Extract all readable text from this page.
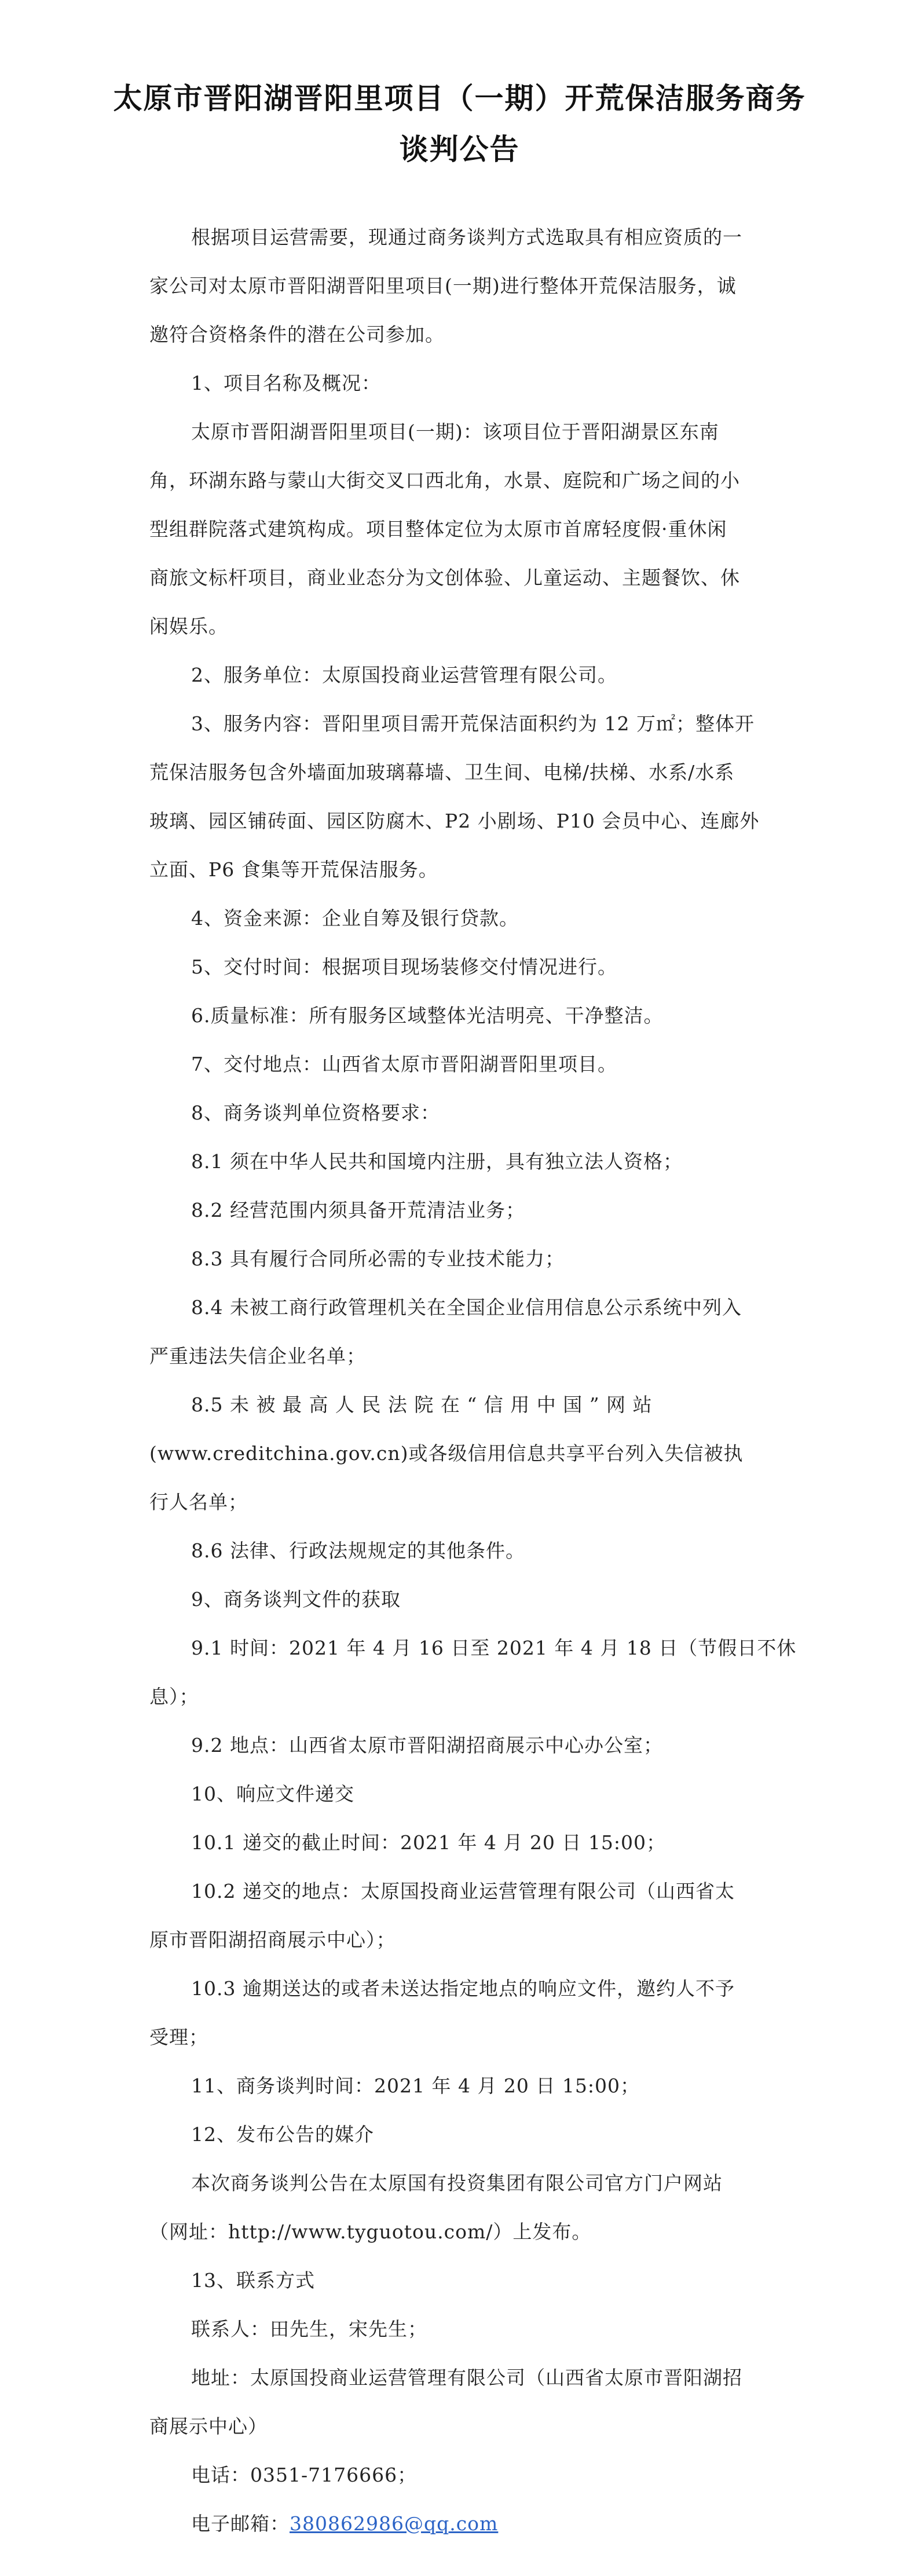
太原市晋阳湖晋阳里项目（一期）开荒保洁服务商务
谈判公告

根据项目运营需要，现通过商务谈判方式选取具有相应资质的一

家公司对太原市晋阳湖晋阳里项目(一期)进行整体开荒保洁服务，诚

邀符合资格条件的潜在公司参加。

1、项目名称及概况：

太原市晋阳湖晋阳里项目(一期)：该项目位于晋阳湖景区东南

角，环湖东路与蒙山大街交叉口西北角，水景、庭院和广场之间的小

型组群院落式建筑构成。项目整体定位为太原市首席轻度假·重休闲

商旅文标杆项目，商业业态分为文创体验、儿童运动、主题餐饮、休

闲娱乐。

2、服务单位：太原国投商业运营管理有限公司。

3、服务内容：晋阳里项目需开荒保洁面积约为 12 万㎡；整体开

荒保洁服务包含外墙面加玻璃幕墙、卫生间、电梯/扶梯、水系/水系

玻璃、园区铺砖面、园区防腐木、P2 小剧场、P10 会员中心、连廊外

立面、P6 食集等开荒保洁服务。

4、资金来源：企业自筹及银行贷款。

5、交付时间：根据项目现场装修交付情况进行。

6.质量标准：所有服务区域整体光洁明亮、干净整洁。

7、交付地点：山西省太原市晋阳湖晋阳里项目。

8、商务谈判单位资格要求：

8.1 须在中华人民共和国境内注册，具有独立法人资格；

8.2 经营范围内须具备开荒清洁业务；

8.3 具有履行合同所必需的专业技术能力；

8.4 未被工商行政管理机关在全国企业信用信息公示系统中列入

严重违法失信企业名单；

8.5 未 被 最 高 人 民 法 院 在 “ 信 用 中 国 ” 网 站

(www.creditchina.gov.cn)或各级信用信息共享平台列入失信被执

行人名单；

8.6 法律、行政法规规定的其他条件。

9、商务谈判文件的获取

9.1 时间：2021 年 4 月 16 日至 2021 年 4 月 18 日（节假日不休

息）；

9.2 地点：山西省太原市晋阳湖招商展示中心办公室；

10、响应文件递交

10.1 递交的截止时间：2021 年 4 月 20 日 15:00；

10.2 递交的地点：太原国投商业运营管理有限公司（山西省太

原市晋阳湖招商展示中心）；

10.3 逾期送达的或者未送达指定地点的响应文件，邀约人不予

受理；

11、商务谈判时间：2021 年 4 月 20 日 15:00；

12、发布公告的媒介

本次商务谈判公告在太原国有投资集团有限公司官方门户网站

（网址：http://www.tyguotou.com/）上发布。

13、联系方式

联系人：田先生，宋先生；

地址：太原国投商业运营管理有限公司（山西省太原市晋阳湖招

商展示中心）

电话：0351-7176666；

电子邮箱：380862986@qq.com
